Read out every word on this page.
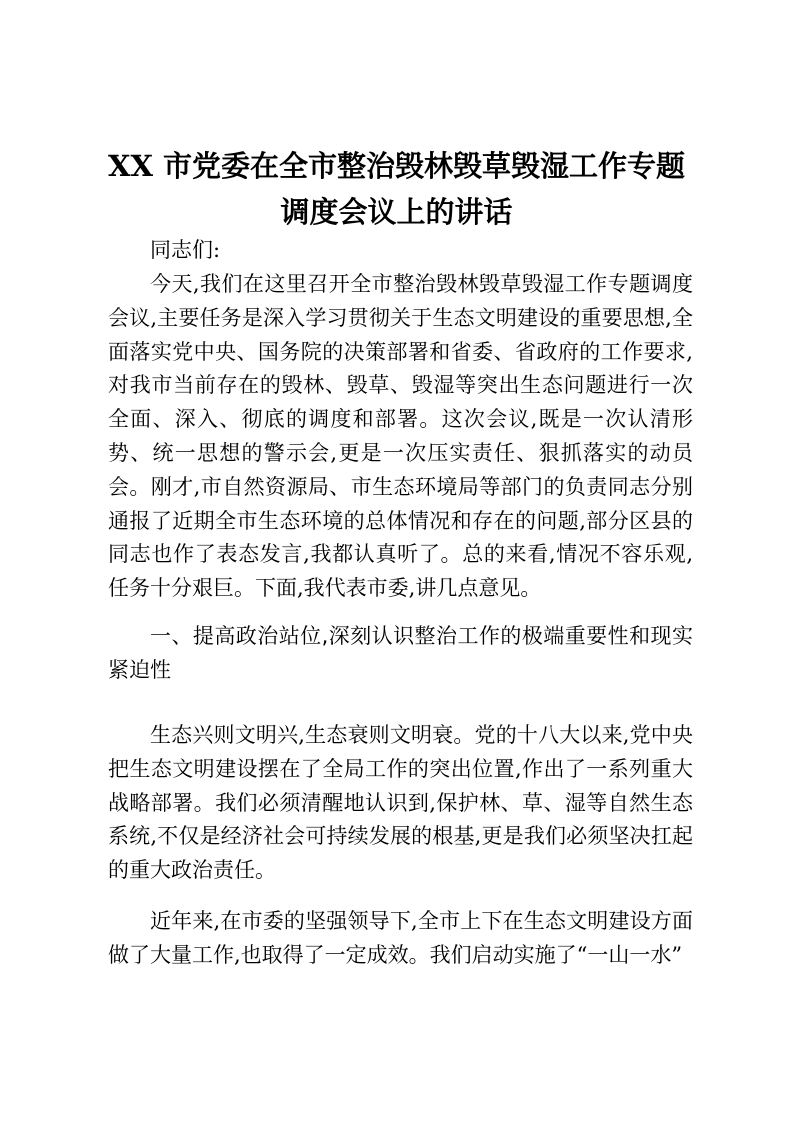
XX 市党委在全市整治毁林毁草毁湿工作专题
调度会议上的讲话
同志们:

今天,我们在这里召开全市整治毁林毁草毁湿工作专题调度会议,主要任务是深入学习贯彻关于生态文明建设的重要思想,全面落实党中央、国务院的决策部署和省委、省政府的工作要求,对我市当前存在的毁林、毁草、毁湿等突出生态问题进行一次全面、深入、彻底的调度和部署。这次会议,既是一次认清形势、统一思想的警示会,更是一次压实责任、狠抓落实的动员会。刚才,市自然资源局、市生态环境局等部门的负责同志分别通报了近期全市生态环境的总体情况和存在的问题,部分区县的同志也作了表态发言,我都认真听了。总的来看,情况不容乐观,任务十分艰巨。下面,我代表市委,讲几点意见。

一、提高政治站位,深刻认识整治工作的极端重要性和现实紧迫性

生态兴则文明兴,生态衰则文明衰。党的十八大以来,党中央把生态文明建设摆在了全局工作的突出位置,作出了一系列重大战略部署。我们必须清醒地认识到,保护林、草、湿等自然生态系统,不仅是经济社会可持续发展的根基,更是我们必须坚决扛起的重大政治责任。

近年来,在市委的坚强领导下,全市上下在生态文明建设方面做了大量工作,也取得了一定成效。我们启动实施了“一山一水”
